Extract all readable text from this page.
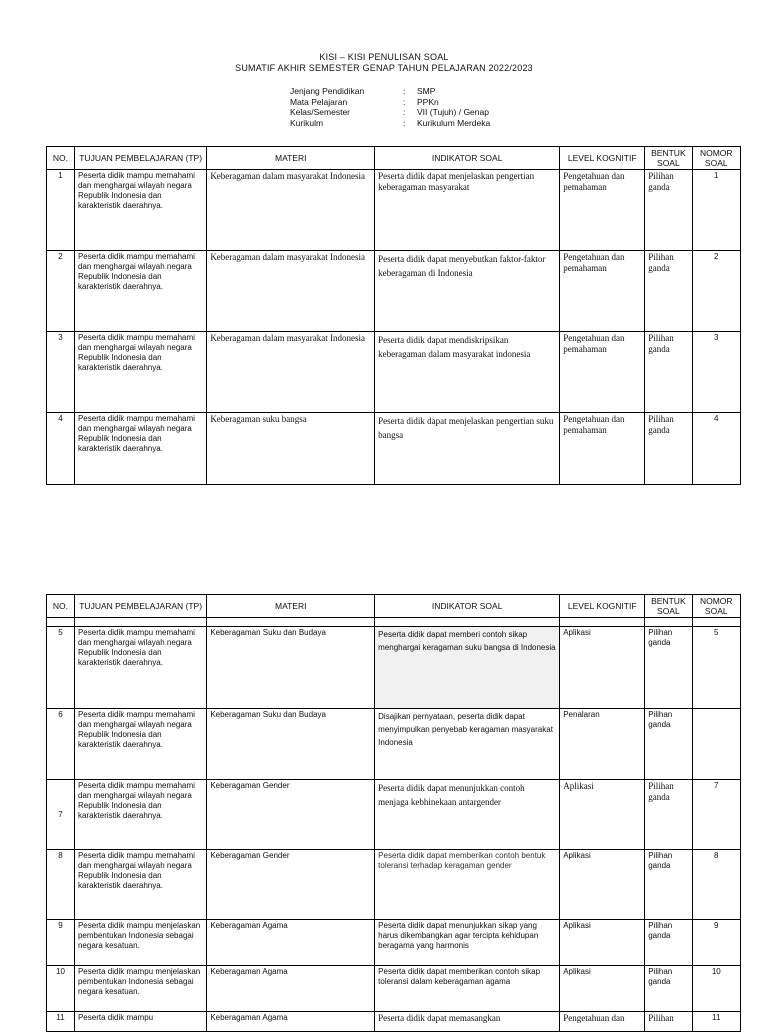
KISI – KISI PENULISAN SOAL
SUMATIF AKHIR SEMESTER GENAP TAHUN PELAJARAN 2022/2023
Jenjang Pendidikan	:	SMP
Mata Pelajaran	:	PPKn
Kelas/Semester	:	VII (Tujuh) / Genap
Kurikulm	:	Kurikulum Merdeka
NO.	TUJUAN PEMBELAJARAN (TP)	MATERI	INDIKATOR SOAL	LEVEL KOGNITIF	BENTUK SOAL	NOMOR SOAL
1	Peserta didik mampu memahami dan menghargai wilayah negara Republik Indonesia dan karakteristik daerahnya.	Keberagaman dalam masyarakat Indonesia	Peserta didik dapat menjelaskan pengertian keberagaman masyarakat	Pengetahuan dan pemahaman	Pilihan ganda	1
2	Peserta didik mampu memahami dan menghargai wilayah negara Republik Indonesia dan karakteristik daerahnya.	Keberagaman dalam masyarakat Indonesia	Peserta didik dapat menyebutkan faktor-faktor keberagaman di Indonesia	Pengetahuan dan pemahaman	Pilihan ganda	2
3	Peserta didik mampu memahami dan menghargai wilayah negara Republik Indonesia dan karakteristik daerahnya.	Keberagaman dalam masyarakat Indonesia	Peserta didik dapat mendiskripsikan keberagaman dalam masyarakat indonesia	Pengetahuan dan pemahaman	Pilihan ganda	3
4	Peserta didik mampu memahami dan menghargai wilayah negara Republik Indonesia dan karakteristik daerahnya.	Keberagaman suku bangsa	Peserta didik dapat menjelaskan pengertian suku bangsa	Pengetahuan dan pemahaman	Pilihan ganda	4
NO.	TUJUAN PEMBELAJARAN (TP)	MATERI	INDIKATOR SOAL	LEVEL KOGNITIF	BENTUK SOAL	NOMOR SOAL

5	Peserta didik mampu memahami dan menghargai wilayah negara Republik Indonesia dan karakteristik daerahnya.	Keberagaman Suku dan Budaya	Peserta didik dapat memberi contoh sikap menghargai keragaman suku bangsa di Indonesia	Aplikasi	Pilihan ganda	5
6	Peserta didik mampu memahami dan menghargai wilayah negara Republik Indonesia dan karakteristik daerahnya.	Keberagaman Suku dan Budaya	Disajikan pernyataan, peserta didik dapat menyimpulkan penyebab keragaman masyarakat Indonesia	Penalaran	Pilihan ganda	
7	Peserta didik mampu memahami dan menghargai wilayah negara Republik Indonesia dan karakteristik daerahnya.	Keberagaman Gender	Peserta didik dapat menunjukkan contoh menjaga kebhinekaan antargender	Aplikasi	Pilihan ganda	7
8	Peserta didik mampu memahami dan menghargai wilayah negara Republik Indonesia dan karakteristik daerahnya.	Keberagaman Gender	Peserta didik dapat memberikan contoh bentuk toleransi terhadap keragaman gender	Aplikasi	Pilihan ganda	8
9	Peserta didik mampu menjelaskan pembentukan Indonesia sebagai negara kesatuan.	Keberagaman Agama	Peserta didik dapat menunjukkan sikap yang harus dikembangkan agar tercipta kehidupan beragama yang harmonis	Aplikasi	Pilihan ganda	9
10	Peserta didik mampu menjelaskan pembentukan Indonesia sebagai negara kesatuan.	Keberagaman Agama	Peserta didik dapat memberikan contoh sikap toleransi dalam keberagaman agama	Aplikasi	Pilihan ganda	10
11	Peserta didik mampu	Keberagaman Agama	Peserta didik dapat memasangkan	Pengetahuan dan	Pilihan	11
